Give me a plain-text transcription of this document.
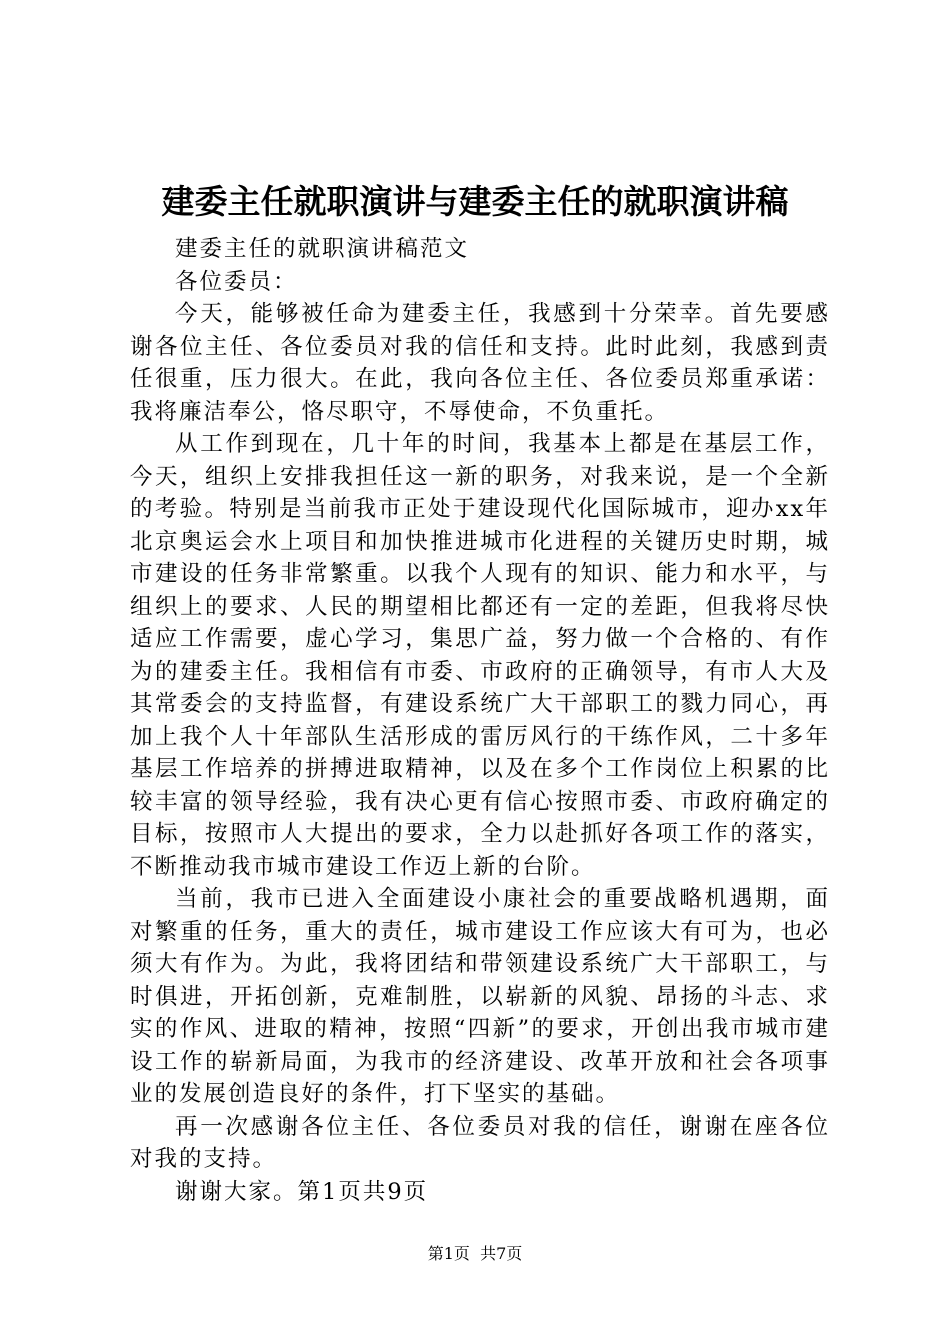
建委主任就职演讲与建委主任的就职演讲稿

建委主任的就职演讲稿范文

各位委员：

今天，能够被任命为建委主任，我感到十分荣幸。首先要感谢各位主任、各位委员对我的信任和支持。此时此刻，我感到责任很重，压力很大。在此，我向各位主任、各位委员郑重承诺：我将廉洁奉公，恪尽职守，不辱使命，不负重托。

从工作到现在，几十年的时间，我基本上都是在基层工作，今天，组织上安排我担任这一新的职务，对我来说，是一个全新的考验。特别是当前我市正处于建设现代化国际城市，迎办xx年北京奥运会水上项目和加快推进城市化进程的关键历史时期，城市建设的任务非常繁重。以我个人现有的知识、能力和水平，与组织上的要求、人民的期望相比都还有一定的差距，但我将尽快适应工作需要，虚心学习，集思广益，努力做一个合格的、有作为的建委主任。我相信有市委、市政府的正确领导，有市人大及其常委会的支持监督，有建设系统广大干部职工的戮力同心，再加上我个人十年部队生活形成的雷厉风行的干练作风，二十多年基层工作培养的拼搏进取精神，以及在多个工作岗位上积累的比较丰富的领导经验，我有决心更有信心按照市委、市政府确定的目标，按照市人大提出的要求，全力以赴抓好各项工作的落实，不断推动我市城市建设工作迈上新的台阶。

当前，我市已进入全面建设小康社会的重要战略机遇期，面对繁重的任务，重大的责任，城市建设工作应该大有可为，也必须大有作为。为此，我将团结和带领建设系统广大干部职工，与时俱进，开拓创新，克难制胜，以崭新的风貌、昂扬的斗志、求实的作风、进取的精神，按照“四新”的要求，开创出我市城市建设工作的崭新局面，为我市的经济建设、改革开放和社会各项事业的发展创造良好的条件，打下坚实的基础。

再一次感谢各位主任、各位委员对我的信任，谢谢在座各位对我的支持。

谢谢大家。第1页共9页

第1页  共7页
